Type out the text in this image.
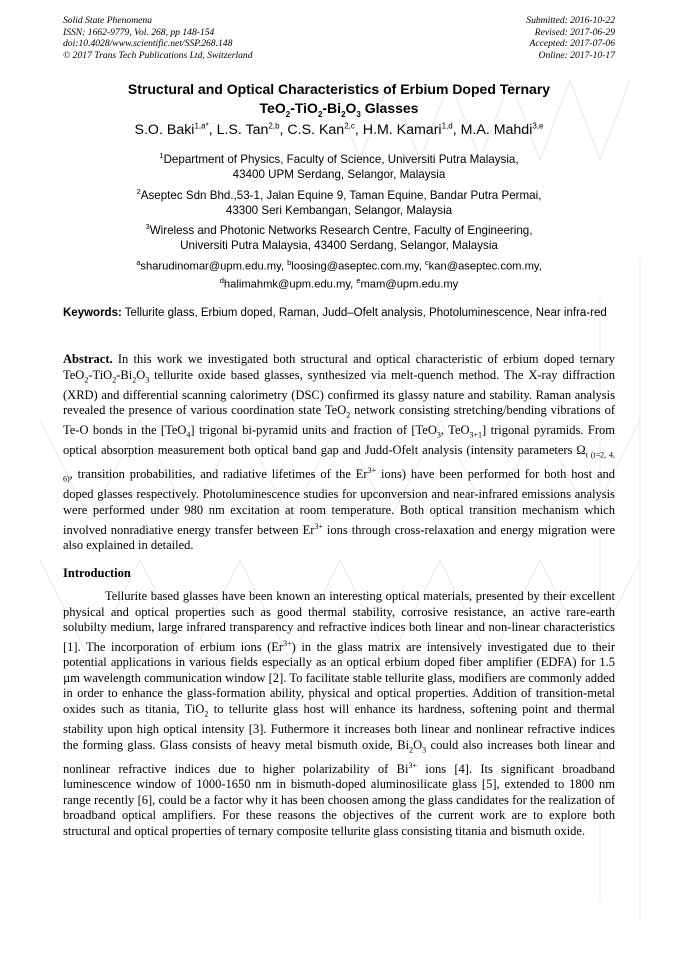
Solid State Phenomena
ISSN: 1662-9779, Vol. 268, pp 148-154
doi:10.4028/www.scientific.net/SSP.268.148
© 2017 Trans Tech Publications Ltd, Switzerland
Submitted: 2016-10-22
Revised: 2017-06-29
Accepted: 2017-07-06
Online: 2017-10-17
Structural and Optical Characteristics of Erbium Doped Ternary
$TeO_2-TiO_2-Bi_2O_3$ Glasses
S.O. Baki$^{1,a*}$, L.S. Tan$^{2,b}$, C.S. Kan$^{2,c}$, H.M. Kamari$^{1,d}$, M.A. Mahdi$^{3,e}$
$^1$Department of Physics, Faculty of Science, Universiti Putra Malaysia,
43400 UPM Serdang, Selangor, Malaysia
$^2$Aseptec Sdn Bhd.,53-1, Jalan Equine 9, Taman Equine, Bandar Putra Permai,
43300 Seri Kembangan, Selangor, Malaysia
$^3$Wireless and Photonic Networks Research Centre, Faculty of Engineering,
Universiti Putra Malaysia, 43400 Serdang, Selangor, Malaysia
$^a$sharudinomar@upm.edu.my, $^b$loosing@aseptec.com.my, $^c$kan@aseptec.com.my,
$^d$halimahmk@upm.edu.my, $^e$mam@upm.edu.my
Keywords: Tellurite glass, Erbium doped, Raman, Judd–Ofelt analysis, Photoluminescence, Near infra-red
Abstract. In this work we investigated both structural and optical characteristic of erbium doped ternary $TeO_2-TiO_2-Bi_2O_3$ tellurite oxide based glasses, synthesized via melt-quench method. The X-ray diffraction (XRD) and differential scanning calorimetry (DSC) confirmed its glassy nature and stability. Raman analysis revealed the presence of various coordination state TeO$_2$ network consisting stretching/bending vibrations of Te-O bonds in the [TeO$_4$] trigonal bi-pyramid units and fraction of [TeO$_3$, TeO$_{3+1}$] trigonal pyramids. From optical absorption measurement both optical band gap and Judd-Ofelt analysis (intensity parameters $\Omega_t$ $_{(t=2, 4, 6)}$, transition probabilities, and radiative lifetimes of the $Er^{3+}$ ions) have been performed for both host and doped glasses respectively. Photoluminescence studies for upconversion and near-infrared emissions analysis were performed under 980 nm excitation at room temperature. Both optical transition mechanism which involved nonradiative energy transfer between $Er^{3+}$ ions through cross-relaxation and energy migration were also explained in detailed.
Introduction
Tellurite based glasses have been known an interesting optical materials, presented by their excellent physical and optical properties such as good thermal stability, corrosive resistance, an active rare-earth solubilty medium, large infrared transparency and refractive indices both linear and non-linear characteristics [1]. The incorporation of erbium ions $(Er^{3+})$ in the glass matrix are intensively investigated due to their potential applications in various fields especially as an optical erbium doped fiber amplifier (EDFA) for 1.5 µm wavelength communication window [2]. To facilitate stable tellurite glass, modifiers are commonly added in order to enhance the glass-formation ability, physical and optical properties. Addition of transition-metal oxides such as titania, TiO$_2$ to tellurite glass host will enhance its hardness, softening point and thermal stability upon high optical intensity [3]. Futhermore it increases both linear and nonlinear refractive indices the forming glass. Glass consists of heavy metal bismuth oxide, $Bi_2O_3$ could also increases both linear and nonlinear refractive indices due to higher polarizability of $Bi^{3+}$ ions [4]. Its significant broadband luminescence window of 1000-1650 nm in bismuth-doped aluminosilicate glass [5], extended to 1800 nm range recently [6], could be a factor why it has been choosen among the glass candidates for the realization of broadband optical amplifiers. For these reasons the objectives of the current work are to explore both structural and optical properties of ternary composite tellurite glass consisting titania and bismuth oxide.
